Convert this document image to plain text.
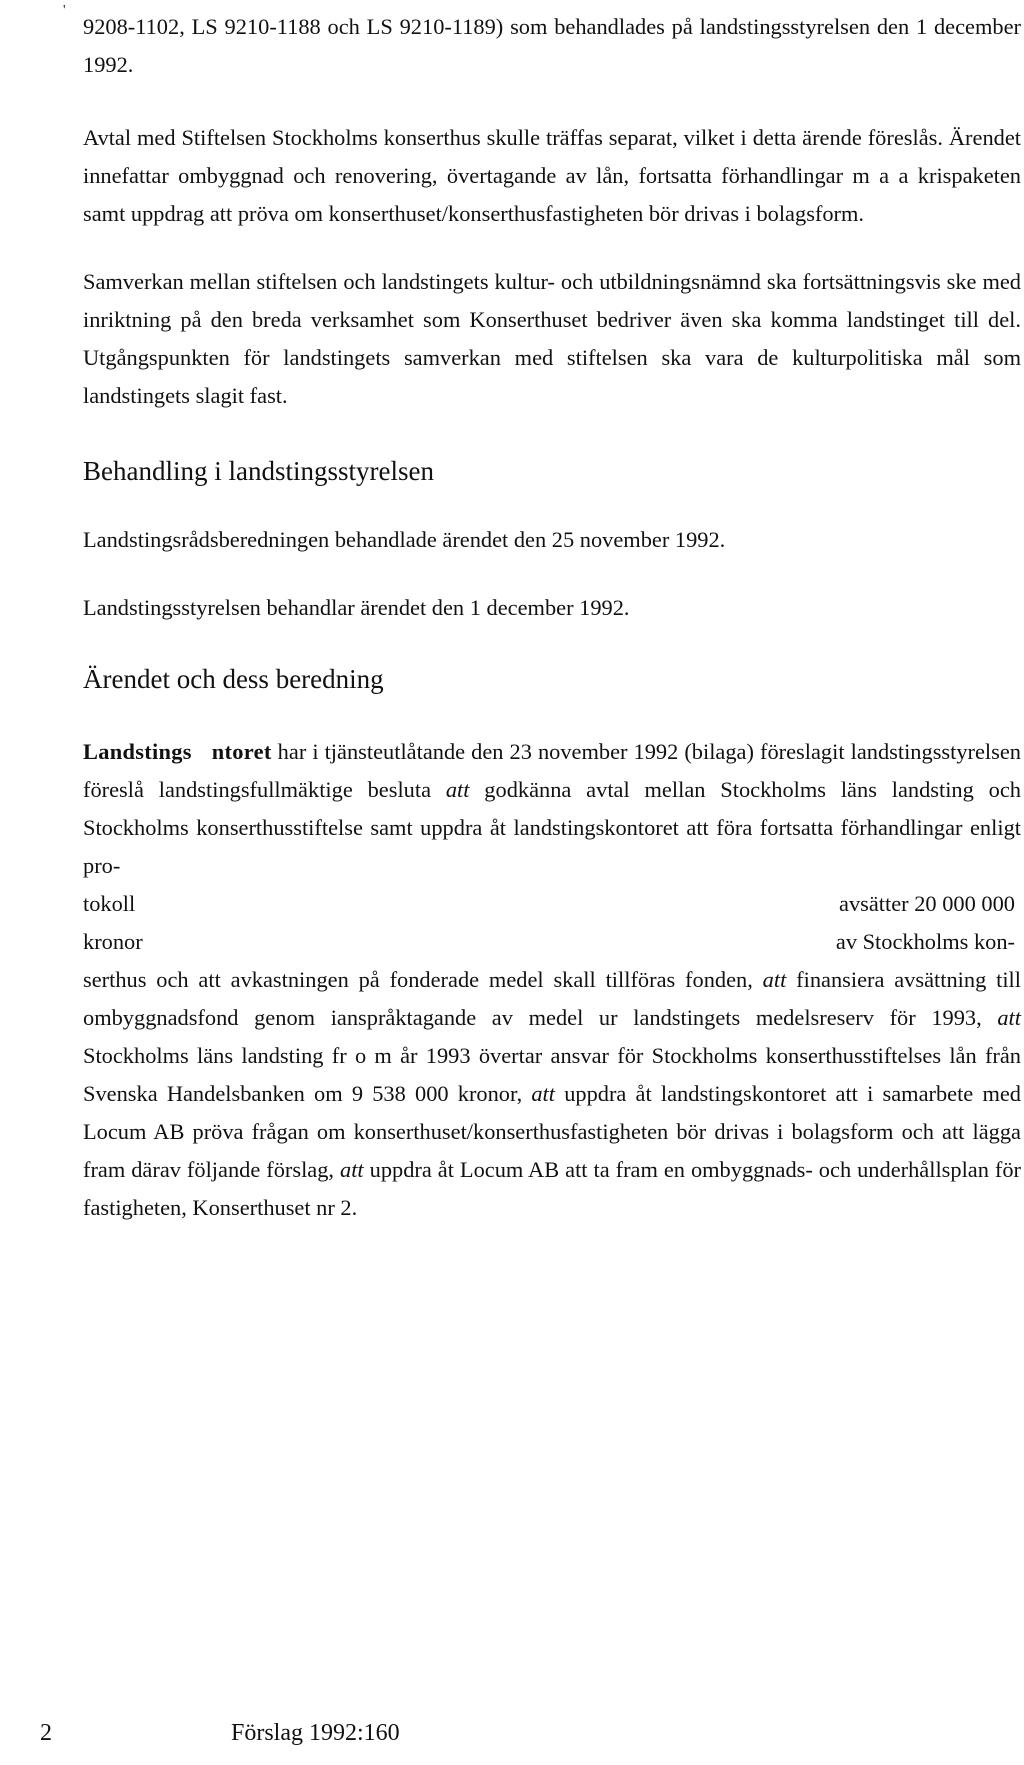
'

9208-1102, LS 9210-1188 och LS 9210-1189) som behandlades på landstingsstyrelsen den 1 december 1992.

Avtal med Stiftelsen Stockholms konserthus skulle träffas separat, vilket i detta ärende föreslås. Ärendet innefattar ombyggnad och renovering, övertagande av lån, fortsatta förhandlingar m a a krispaketen samt uppdrag att pröva om konserthuset/konserthusfastigheten bör drivas i bolagsform.

Samverkan mellan stiftelsen och landstingets kultur- och utbildningsnämnd ska fortsättningsvis ske med inriktning på den breda verksamhet som Konserthuset bedriver även ska komma landstinget till del. Utgångspunkten för landstingets samverkan med stiftelsen ska vara de kulturpolitiska mål som landstingets slagit fast.

Behandling i landstingsstyrelsen

Landstingsrådsberedningen behandlade ärendet den 25 november 1992.

Landstingsstyrelsen behandlar ärendet den 1 december 1992.

Ärendet och dess beredning
Landstings ntoret har i tjänsteutlåtande den 23 november 1992 (bilaga) föreslagit landstingsstyrelsen föreslå landstingsfullmäktige besluta att godkänna avtal mellan Stockholms läns landsting och Stockholms konserthusstiftelse samt uppdra åt landstingskontoret att föra fortsatta förhandlingar enligt pro-
tokoll	avsätter 20 000 000
kronor	av Stockholms kon-
serthus och att avkastningen på fonderade medel skall tillföras fonden, att finansiera avsättning till ombyggnadsfond genom ianspråktagande av medel ur landstingets medelsreserv för 1993, att Stockholms läns landsting fr o m år 1993 övertar ansvar för Stockholms konserthusstiftelses lån från Svenska Handelsbanken om 9 538 000 kronor, att uppdra åt landstingskontoret att i samarbete med Locum AB pröva frågan om konserthuset/konserthusfastigheten bör drivas i bolagsform och att lägga fram därav följande förslag, att uppdra åt Locum AB att ta fram en ombyggnads- och underhållsplan för fastigheten, Konserthuset nr 2.
2	Förslag 1992:160
